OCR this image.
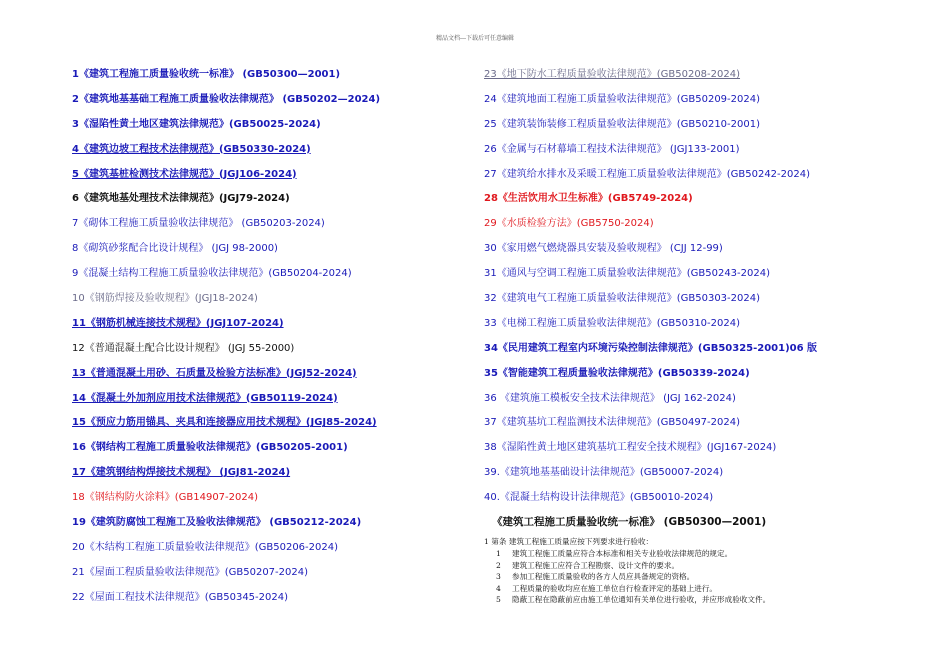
精品文档---下载后可任意编辑
1《建筑工程施工质量验收统一标准》 (GB50300—2001)
2《建筑地基基础工程施工质量验收法律规范》 (GB50202—2024)
3《湿陷性黄土地区建筑法律规范》(GB50025-2024)
4《建筑边坡工程技术法律规范》(GB50330-2024)
5《建筑基桩检测技术法律规范》(JGJ106-2024)
6《建筑地基处理技术法律规范》(JGJ79-2024)
7《砌体工程施工质量验收法律规范》 (GB50203-2024)
8《砌筑砂浆配合比设计规程》 (JGJ 98-2000)
9《混凝土结构工程施工质量验收法律规范》(GB50204-2024)
10《钢筋焊接及验收规程》(JGJ18-2024)
11《钢筋机械连接技术规程》(JGJ107-2024)
12《普通混凝土配合比设计规程》 (JGJ 55-2000)
13《普通混凝土用砂、石质量及检验方法标准》(JGJ52-2024)
14《混凝土外加剂应用技术法律规范》(GB50119-2024)
15《预应力筋用锚具、夹具和连接器应用技术规程》(JGJ85-2024)
16《钢结构工程施工质量验收法律规范》(GB50205-2001)
17《建筑钢结构焊接技术规程》 (JGJ81-2024)
18《钢结构防火涂料》(GB14907-2024)
19《建筑防腐蚀工程施工及验收法律规范》 (GB50212-2024)
20《木结构工程施工质量验收法律规范》(GB50206-2024)
21《屋面工程质量验收法律规范》(GB50207-2024)
22《屋面工程技术法律规范》(GB50345-2024)
23《地下防水工程质量验收法律规范》(GB50208-2024)
24《建筑地面工程施工质量验收法律规范》(GB50209-2024)
25《建筑装饰装修工程质量验收法律规范》(GB50210-2001)
26《金属与石材幕墙工程技术法律规范》 (JGJ133-2001)
27《建筑给水排水及采暖工程施工质量验收法律规范》(GB50242-2024)
28《生活饮用水卫生标准》(GB5749-2024)
29《水质检验方法》(GB5750-2024)
30《家用燃气燃烧器具安装及验收规程》 (CJJ 12-99)
31《通风与空调工程施工质量验收法律规范》(GB50243-2024)
32《建筑电气工程施工质量验收法律规范》(GB50303-2024)
33《电梯工程施工质量验收法律规范》(GB50310-2024)
34《民用建筑工程室内环境污染控制法律规范》(GB50325-2001)06 版
35《智能建筑工程质量验收法律规范》(GB50339-2024)
36 《建筑施工模板安全技术法律规范》 (JGJ 162-2024)
37《建筑基坑工程监测技术法律规范》(GB50497-2024)
38《湿陷性黄土地区建筑基坑工程安全技术规程》(JGJ167-2024)
39.《建筑地基基础设计法律规范》(GB50007-2024)
40.《混凝土结构设计法律规范》(GB50010-2024)
《建筑工程施工质量验收统一标准》 (GB50300—2001)
1 第条 建筑工程施工质量应按下列要求进行验收：
1 建筑工程施工质量应符合本标准和相关专业验收法律规范的规定。
2 建筑工程施工应符合工程勘察、设计文件的要求。
3 参加工程施工质量验收的各方人员应具备规定的资格。
4 工程质量的验收均应在施工单位自行检查评定的基础上进行。
5 隐蔽工程在隐蔽前应由施工单位通知有关单位进行验收，并应形成验收文件。
